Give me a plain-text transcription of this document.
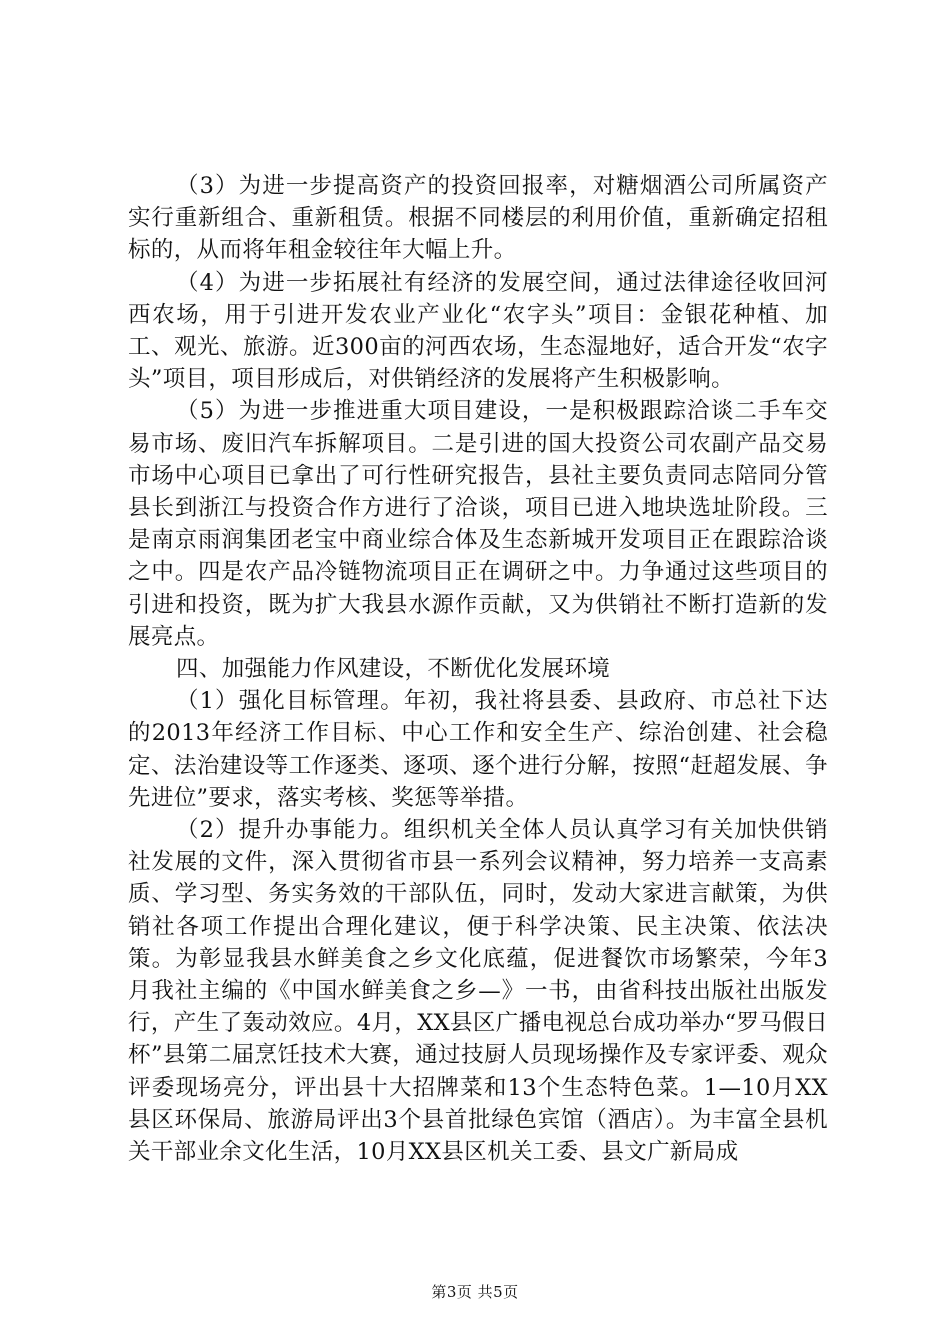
（3）为进一步提高资产的投资回报率，对糖烟酒公司所属资产实行重新组合、重新租赁。根据不同楼层的利用价值，重新确定招租标的，从而将年租金较往年大幅上升。

（4）为进一步拓展社有经济的发展空间，通过法律途径收回河西农场，用于引进开发农业产业化“农字头”项目：金银花种植、加工、观光、旅游。近300亩的河西农场，生态湿地好，适合开发“农字头”项目，项目形成后，对供销经济的发展将产生积极影响。

（5）为进一步推进重大项目建设，一是积极跟踪洽谈二手车交易市场、废旧汽车拆解项目。二是引进的国大投资公司农副产品交易市场中心项目已拿出了可行性研究报告，县社主要负责同志陪同分管县长到浙江与投资合作方进行了洽谈，项目已进入地块选址阶段。三是南京雨润集团老宝中商业综合体及生态新城开发项目正在跟踪洽谈之中。四是农产品冷链物流项目正在调研之中。力争通过这些项目的引进和投资，既为扩大我县水源作贡献，又为供销社不断打造新的发展亮点。

四、加强能力作风建设，不断优化发展环境

（1）强化目标管理。年初，我社将县委、县政府、市总社下达的2013年经济工作目标、中心工作和安全生产、综治创建、社会稳定、法治建设等工作逐类、逐项、逐个进行分解，按照“赶超发展、争先进位”要求，落实考核、奖惩等举措。

（2）提升办事能力。组织机关全体人员认真学习有关加快供销社发展的文件，深入贯彻省市县一系列会议精神，努力培养一支高素质、学习型、务实务效的干部队伍，同时，发动大家进言献策，为供销社各项工作提出合理化建议，便于科学决策、民主决策、依法决策。为彰显我县水鲜美食之乡文化底蕴，促进餐饮市场繁荣，今年3月我社主编的《中国水鲜美食之乡—》一书，由省科技出版社出版发行，产生了轰动效应。4月，XX县区广播电视总台成功举办“罗马假日杯”县第二届烹饪技术大赛，通过技厨人员现场操作及专家评委、观众评委现场亮分，评出县十大招牌菜和13个生态特色菜。1—10月XX县区环保局、旅游局评出3个县首批绿色宾馆（酒店）。为丰富全县机关干部业余文化生活，10月XX县区机关工委、县文广新局成

第3页 共5页
